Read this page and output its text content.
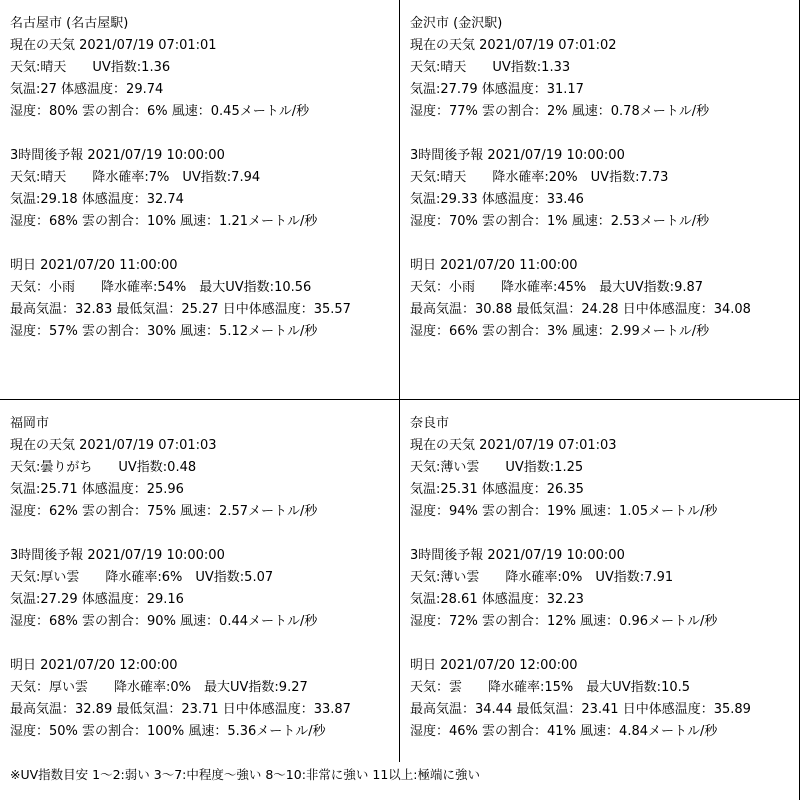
名古屋市 (名古屋駅)
現在の天気 2021/07/19 07:01:01
天気:晴天　　UV指数:1.36
気温:27 体感温度：29.74
湿度：80% 雲の割合：6% 風速：0.45メートル/秒
3時間後予報 2021/07/19 10:00:00
天気:晴天　　降水確率:7%　UV指数:7.94
気温:29.18 体感温度：32.74
湿度：68% 雲の割合：10% 風速：1.21メートル/秒
明日 2021/07/20 11:00:00
天気：小雨　　降水確率:54%　最大UV指数:10.56
最高気温：32.83 最低気温：25.27 日中体感温度：35.57
湿度：57% 雲の割合：30% 風速：5.12メートル/秒
金沢市 (金沢駅)
現在の天気 2021/07/19 07:01:02
天気:晴天　　UV指数:1.33
気温:27.79 体感温度：31.17
湿度：77% 雲の割合：2% 風速：0.78メートル/秒
3時間後予報 2021/07/19 10:00:00
天気:晴天　　降水確率:20%　UV指数:7.73
気温:29.33 体感温度：33.46
湿度：70% 雲の割合：1% 風速：2.53メートル/秒
明日 2021/07/20 11:00:00
天気：小雨　　降水確率:45%　最大UV指数:9.87
最高気温：30.88 最低気温：24.28 日中体感温度：34.08
湿度：66% 雲の割合：3% 風速：2.99メートル/秒
福岡市
現在の天気 2021/07/19 07:01:03
天気:曇りがち　　UV指数:0.48
気温:25.71 体感温度：25.96
湿度：62% 雲の割合：75% 風速：2.57メートル/秒
3時間後予報 2021/07/19 10:00:00
天気:厚い雲　　降水確率:6%　UV指数:5.07
気温:27.29 体感温度：29.16
湿度：68% 雲の割合：90% 風速：0.44メートル/秒
明日 2021/07/20 12:00:00
天気：厚い雲　　降水確率:0%　最大UV指数:9.27
最高気温：32.89 最低気温：23.71 日中体感温度：33.87
湿度：50% 雲の割合：100% 風速：5.36メートル/秒
奈良市
現在の天気 2021/07/19 07:01:03
天気:薄い雲　　UV指数:1.25
気温:25.31 体感温度：26.35
湿度：94% 雲の割合：19% 風速：1.05メートル/秒
3時間後予報 2021/07/19 10:00:00
天気:薄い雲　　降水確率:0%　UV指数:7.91
気温:28.61 体感温度：32.23
湿度：72% 雲の割合：12% 風速：0.96メートル/秒
明日 2021/07/20 12:00:00
天気：雲　　降水確率:15%　最大UV指数:10.5
最高気温：34.44 最低気温：23.41 日中体感温度：35.89
湿度：46% 雲の割合：41% 風速：4.84メートル/秒
※UV指数目安 1〜2:弱い 3〜7:中程度〜強い 8〜10:非常に強い 11以上:極端に強い
